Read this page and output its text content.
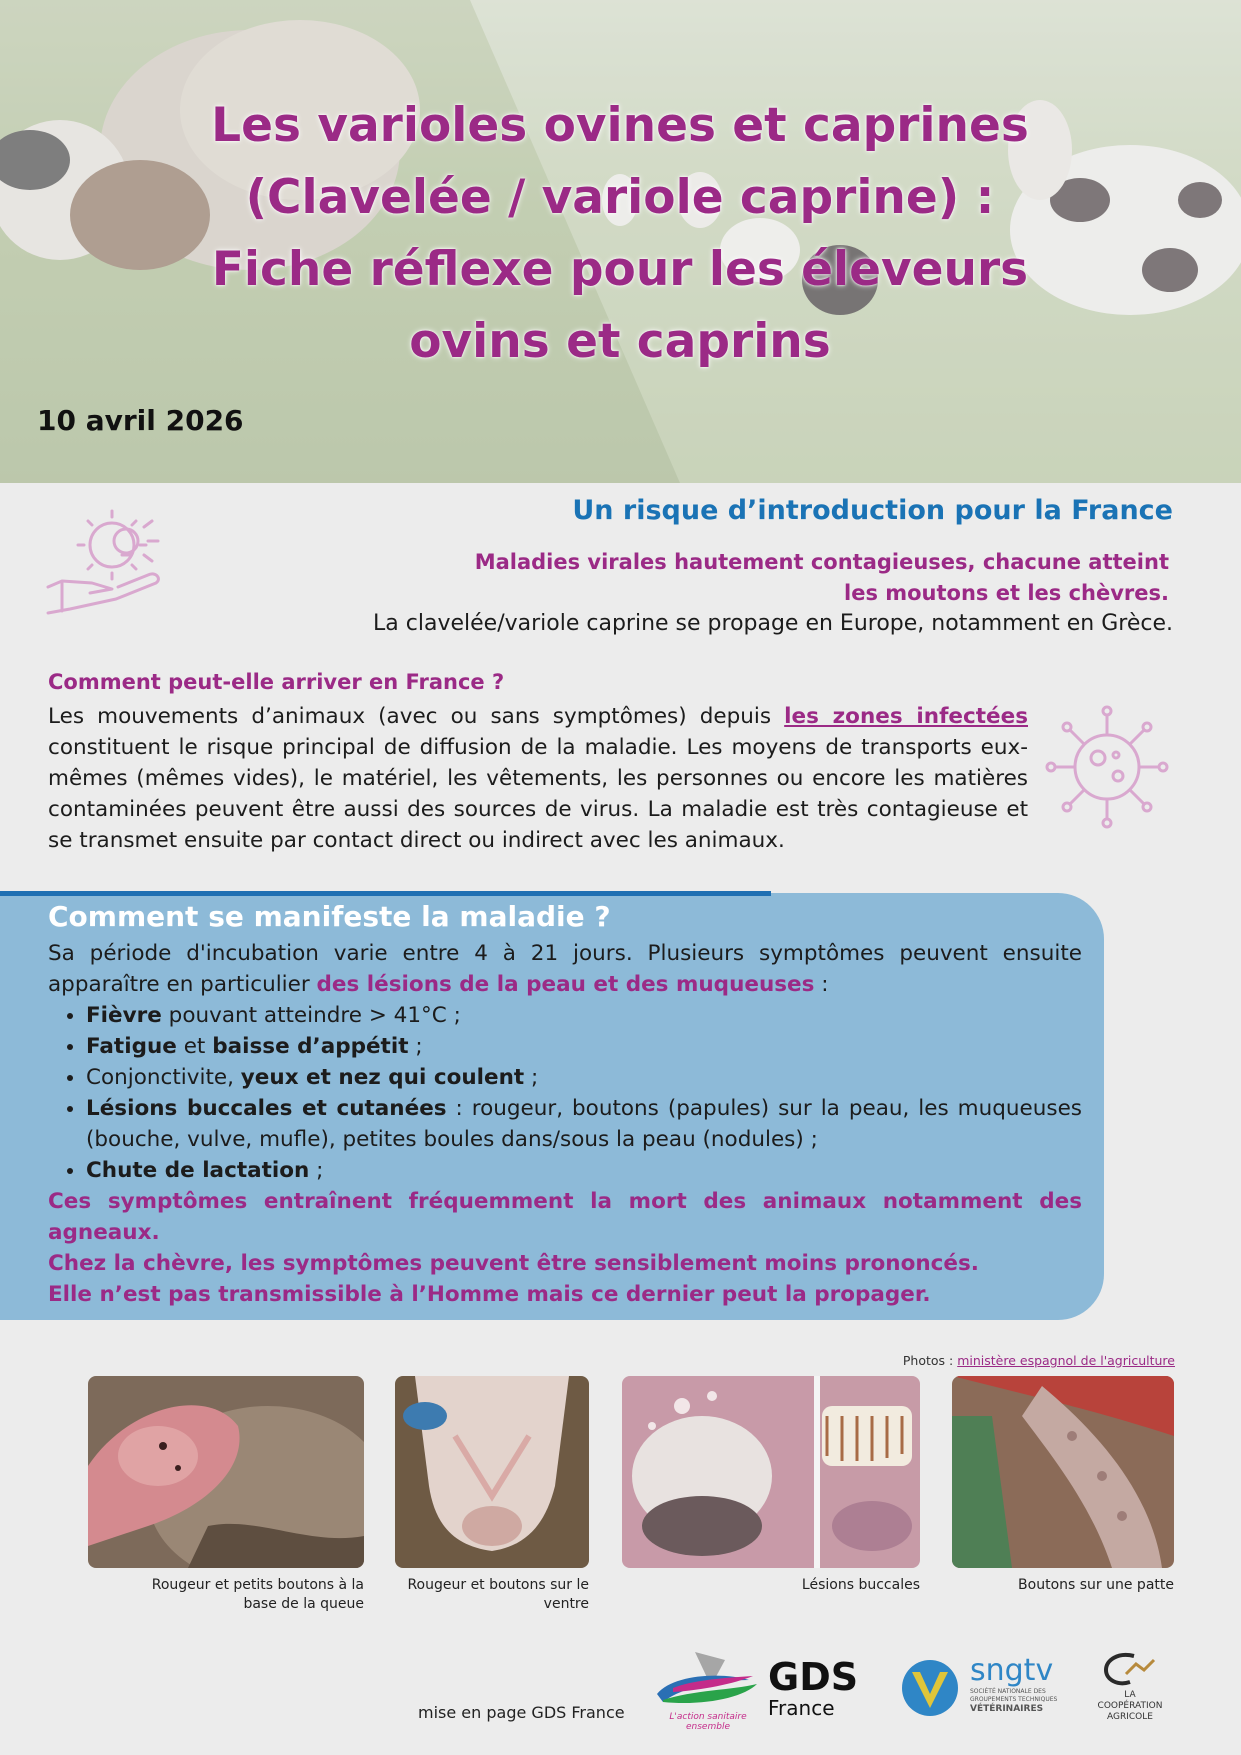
Les varioles ovines et caprines
(Clavelée / variole caprine) :
Fiche réflexe pour les éleveurs
ovins et caprins

10 avril 2026

Un risque d’introduction pour la France

Maladies virales hautement contagieuses, chacune atteint
les moutons et les chèvres.

La clavelée/variole caprine se propage en Europe, notamment en Grèce.

Comment peut-elle arriver en France ?

Les mouvements d’animaux (avec ou sans symptômes) depuis les zones infectées constituent le risque principal de diffusion de la maladie. Les moyens de transports eux-mêmes (mêmes vides), le matériel, les vêtements, les personnes ou encore les matières contaminées peuvent être aussi des sources de virus. La maladie est très contagieuse et se transmet ensuite par contact direct ou indirect avec les animaux.

Comment se manifeste la maladie ?

Sa période d'incubation varie entre 4 à 21 jours. Plusieurs symptômes peuvent ensuite apparaître en particulier des lésions de la peau et des muqueuses :

• Fièvre pouvant atteindre > 41°C ;
• Fatigue et baisse d’appétit ;
• Conjonctivite, yeux et nez qui coulent ;
• Lésions buccales et cutanées : rougeur, boutons (papules) sur la peau, les muqueuses (bouche, vulve, mufle), petites boules dans/sous la peau (nodules) ;
• Chute de lactation ;

Ces symptômes entraînent fréquemment la mort des animaux notamment des agneaux.

Chez la chèvre, les symptômes peuvent être sensiblement moins prononcés.

Elle n’est pas transmissible à l’Homme mais ce dernier peut la propager.

Photos : ministère espagnol de l'agriculture

Rougeur et petits boutons à la base de la queue

Rougeur et boutons sur le ventre

Lésions buccales	Boutons sur une patte

mise en page GDS France	L'action sanitaire ensemble
GDS
France
sngtv
SOCIÉTÉ NATIONALE DES
GROUPEMENTS TECHNIQUES
VÉTÉRINAIRES
LA
COOPÉRATION
AGRICOLE
